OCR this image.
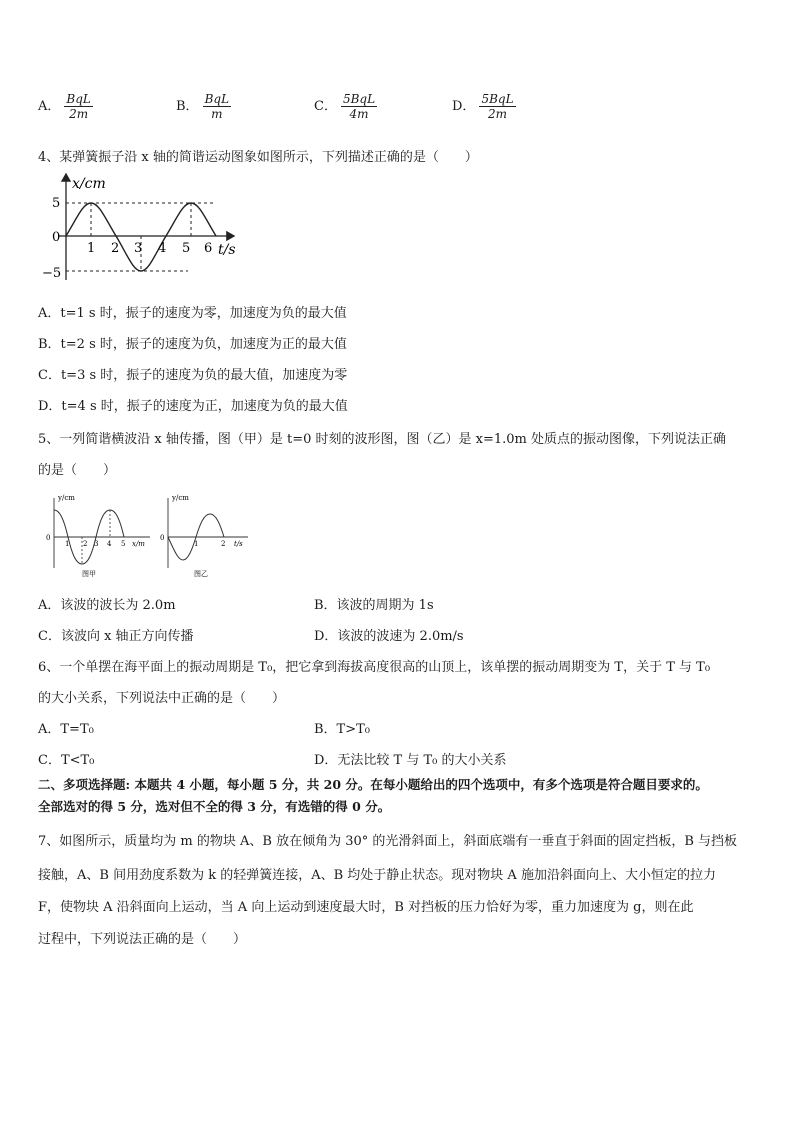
A． $\frac{\text{BqL}}{2m}$	B． $\frac{\text{BqL}}{m}$	C． $\frac{\text{5BqL}}{4m}$	D． $\frac{\text{5BqL}}{2m}$
4、某弹簧振子沿 x 轴的简谐运动图象如图所示，下列描述正确的是（　　）
x/cm
t/s
5
0
−5
1 2 3 4 5 6
A．t=1 s 时，振子的速度为零，加速度为负的最大值
B．t=2 s 时，振子的速度为负，加速度为正的最大值
C．t=3 s 时，振子的速度为负的最大值，加速度为零
D．t=4 s 时，振子的速度为正，加速度为负的最大值
5、一列简谐横波沿 x 轴传播，图（甲）是 t=0 时刻的波形图，图（乙）是 x=1.0m 处质点的振动图像，下列说法正确
的是（　　）
y/cm
x/m
0
1 2 3 4 5
图甲
y/cm
t/s
0
1	2
图乙
A．该波的波长为 2.0m	B．该波的周期为 1s
C．该波向 x 轴正方向传播	D．该波的波速为 2.0m/s
6、一个单摆在海平面上的振动周期是 T₀，把它拿到海拔高度很高的山顶上，该单摆的振动周期变为 T，关于 T 与 T₀
的大小关系，下列说法中正确的是（　　）
A．T=T₀	B．T>T₀
C．T<T₀	D．无法比较 T 与 T₀ 的大小关系
二、多项选择题: 本题共 4 小题，每小题 5 分，共 20 分。在每小题给出的四个选项中，有多个选项是符合题目要求的。
全部选对的得 5 分，选对但不全的得 3 分，有选错的得 0 分。
7、如图所示，质量均为 m 的物块 A、B 放在倾角为 30° 的光滑斜面上，斜面底端有一垂直于斜面的固定挡板，B 与挡板
接触，A、B 间用劲度系数为 k 的轻弹簧连接，A、B 均处于静止状态。现对物块 A 施加沿斜面向上、大小恒定的拉力
F，使物块 A 沿斜面向上运动，当 A 向上运动到速度最大时，B 对挡板的压力恰好为零，重力加速度为 g，则在此
过程中，下列说法正确的是（　　）
